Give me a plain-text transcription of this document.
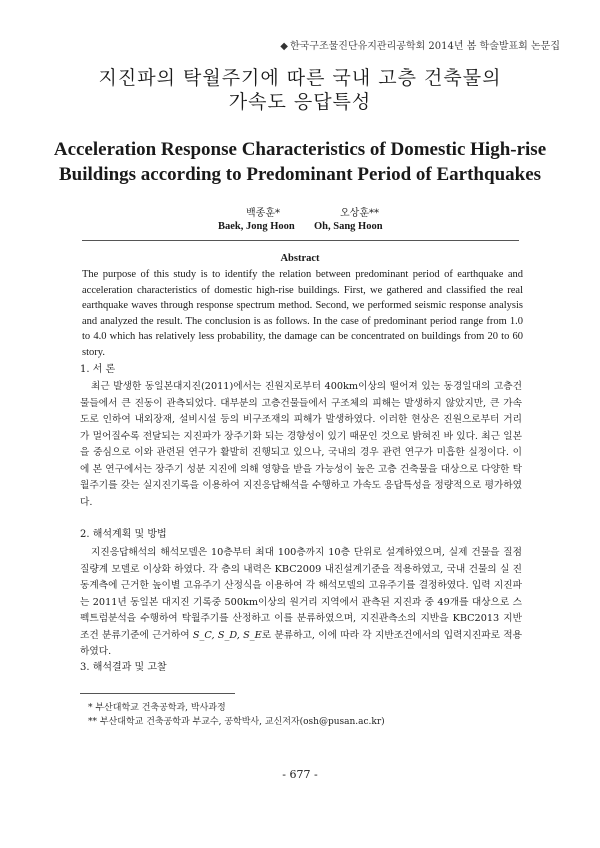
◆ 한국구조물진단유지관리공학회 2014년 봄 학술발표회 논문집
지진파의 탁월주기에 따른 국내 고층 건축물의
가속도 응답특성
Acceleration Response Characteristics of Domestic High-rise
Buildings according to Predominant Period of Earthquakes
백종훈*	오상훈**
Baek, Jong Hoon Oh, Sang Hoon
Abstract
The purpose of this study is to identify the relation between predominant period of earthquake and acceleration characteristics of domestic high-rise buildings. First, we gathered and classified the real earthquake waves through response spectrum method. Second, we performed seismic response analysis and analyzed the result. The conclusion is as follows. In the case of predominant period range from 1.0 to 4.0 which has relatively less probability, the damage can be concentrated on buildings from 20 to 60 story.
1. 서 론
최근 발생한 동일본대지진(2011)에서는 진원지로부터 400km이상의 떨어져 있는 동경일대의 고층건물들에서 큰 진동이 관측되었다. 대부분의 고층건물들에서 구조체의 피해는 발생하지 않았지만, 큰 가속도로 인하여 내외장재, 설비시설 등의 비구조재의 피해가 발생하였다. 이러한 현상은 진원으로부터 거리가 멀어질수록 전달되는 지진파가 장주기화 되는 경향성이 있기 때문인 것으로 밝혀진 바 있다. 최근 일본을 중심으로 이와 관련된 연구가 활발히 진행되고 있으나, 국내의 경우 관련 연구가 미흡한 실정이다. 이에 본 연구에서는 장주기 성분 지진에 의해 영향을 받을 가능성이 높은 고층 건축물을 대상으로 다양한 탁월주기를 갖는 실지진기록을 이용하여 지진응답해석을 수행하고 가속도 응답특성을 정량적으로 평가하였다.
2. 해석계획 및 방법
지진응답해석의 해석모델은 10층부터 최대 100층까지 10층 단위로 설계하였으며, 실제 건물을 질점질량계 모델로 이상화 하였다. 각 층의 내력은 KBC2009 내진설계기준을 적용하였고, 국내 건물의 실 진동계측에 근거한 높이별 고유주기 산정식을 이용하여 각 해석모델의 고유주기를 결정하였다. 입력 지진파는 2011년 동일본 대지진 기록중 500km이상의 원거리 지역에서 관측된 지진과 중 49개를 대상으로 스펙트럼분석을 수행하여 탁월주기를 산정하고 이를 분류하였으며, 지진관측소의 지반을 KBC2013 지반조건 분류기준에 근거하여 S_C, S_D, S_E로 분류하고, 이에 따라 각 지반조건에서의 입력지진파로 적용하였다.
3. 해석결과 및 고찰
* 부산대학교 건축공학과, 박사과정
** 부산대학교 건축공학과 부교수, 공학박사, 교신저자(osh@pusan.ac.kr)
- 677 -
